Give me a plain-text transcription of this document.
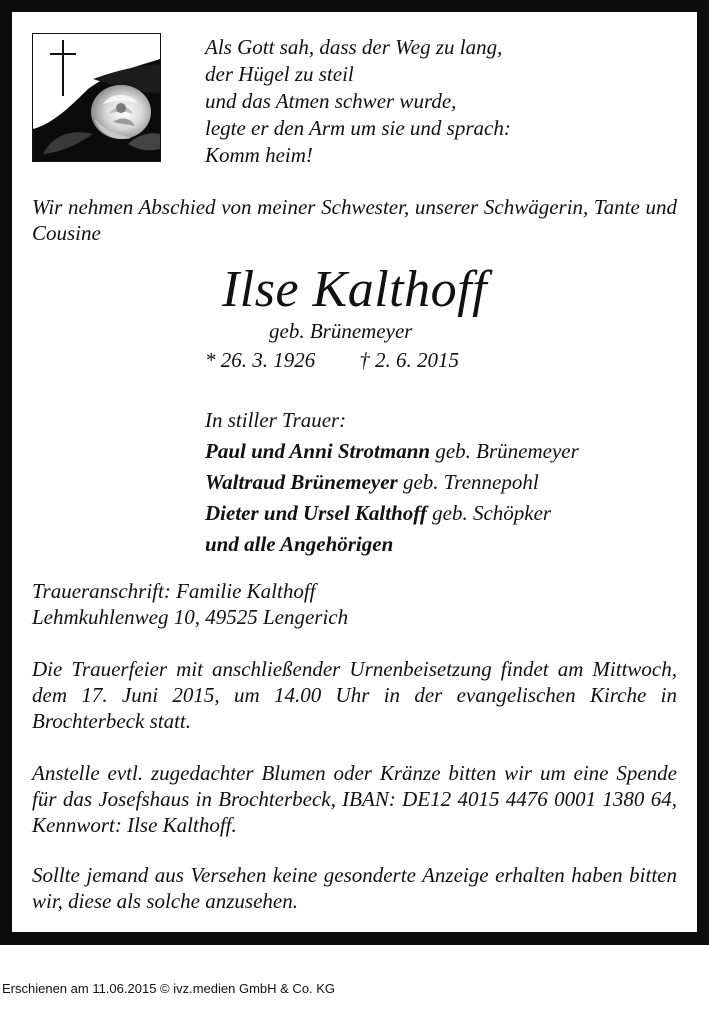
Als Gott sah, dass der Weg zu lang,
der Hügel zu steil
und das Atmen schwer wurde,
legte er den Arm um sie und sprach:
Komm heim!
Wir nehmen Abschied von meiner Schwester, unserer Schwägerin, Tante und Cousine
Ilse Kalthoff
geb. Brünemeyer
* 26. 3. 1926 † 2. 6. 2015
In stiller Trauer:
Paul und Anni Strotmann geb. Brünemeyer
Waltraud Brünemeyer geb. Trennepohl
Dieter und Ursel Kalthoff geb. Schöpker
und alle Angehörigen
Traueranschrift: Familie Kalthoff
Lehmkuhlenweg 10, 49525 Lengerich
Die Trauerfeier mit anschließender Urnenbeisetzung findet am Mittwoch, dem 17. Juni 2015, um 14.00 Uhr in der evangelischen Kirche in Brochterbeck statt.
Anstelle evtl. zugedachter Blumen oder Kränze bitten wir um eine Spende für das Josefshaus in Brochterbeck, IBAN: DE12 4015 4476 0001 1380 64, Kennwort: Ilse Kalthoff.
Sollte jemand aus Versehen keine gesonderte Anzeige erhalten haben bitten wir, diese als solche anzusehen.
Erschienen am 11.06.2015 © ivz.medien GmbH & Co. KG
